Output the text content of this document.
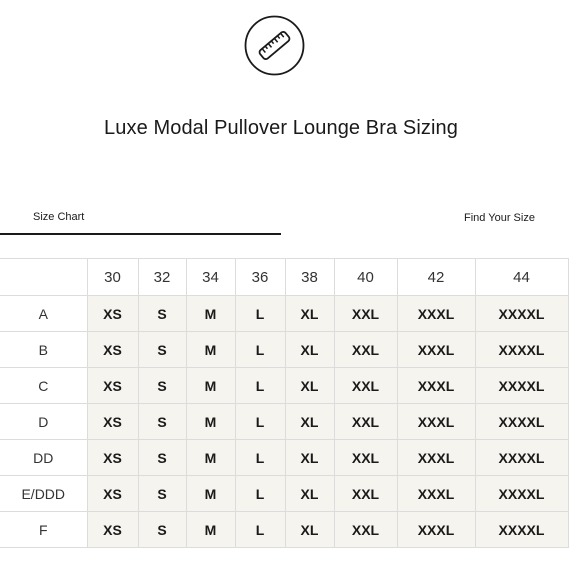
Luxe Modal Pullover Lounge Bra Sizing
Size Chart	Find Your Size
	30	32	34	36	38	40	42	44
A	XS	S	M	L	XL	XXL	XXXL	XXXXL
B	XS	S	M	L	XL	XXL	XXXL	XXXXL
C	XS	S	M	L	XL	XXL	XXXL	XXXXL
D	XS	S	M	L	XL	XXL	XXXL	XXXXL
DD	XS	S	M	L	XL	XXL	XXXL	XXXXL
E/DDD	XS	S	M	L	XL	XXL	XXXL	XXXXL
F	XS	S	M	L	XL	XXL	XXXL	XXXXL
